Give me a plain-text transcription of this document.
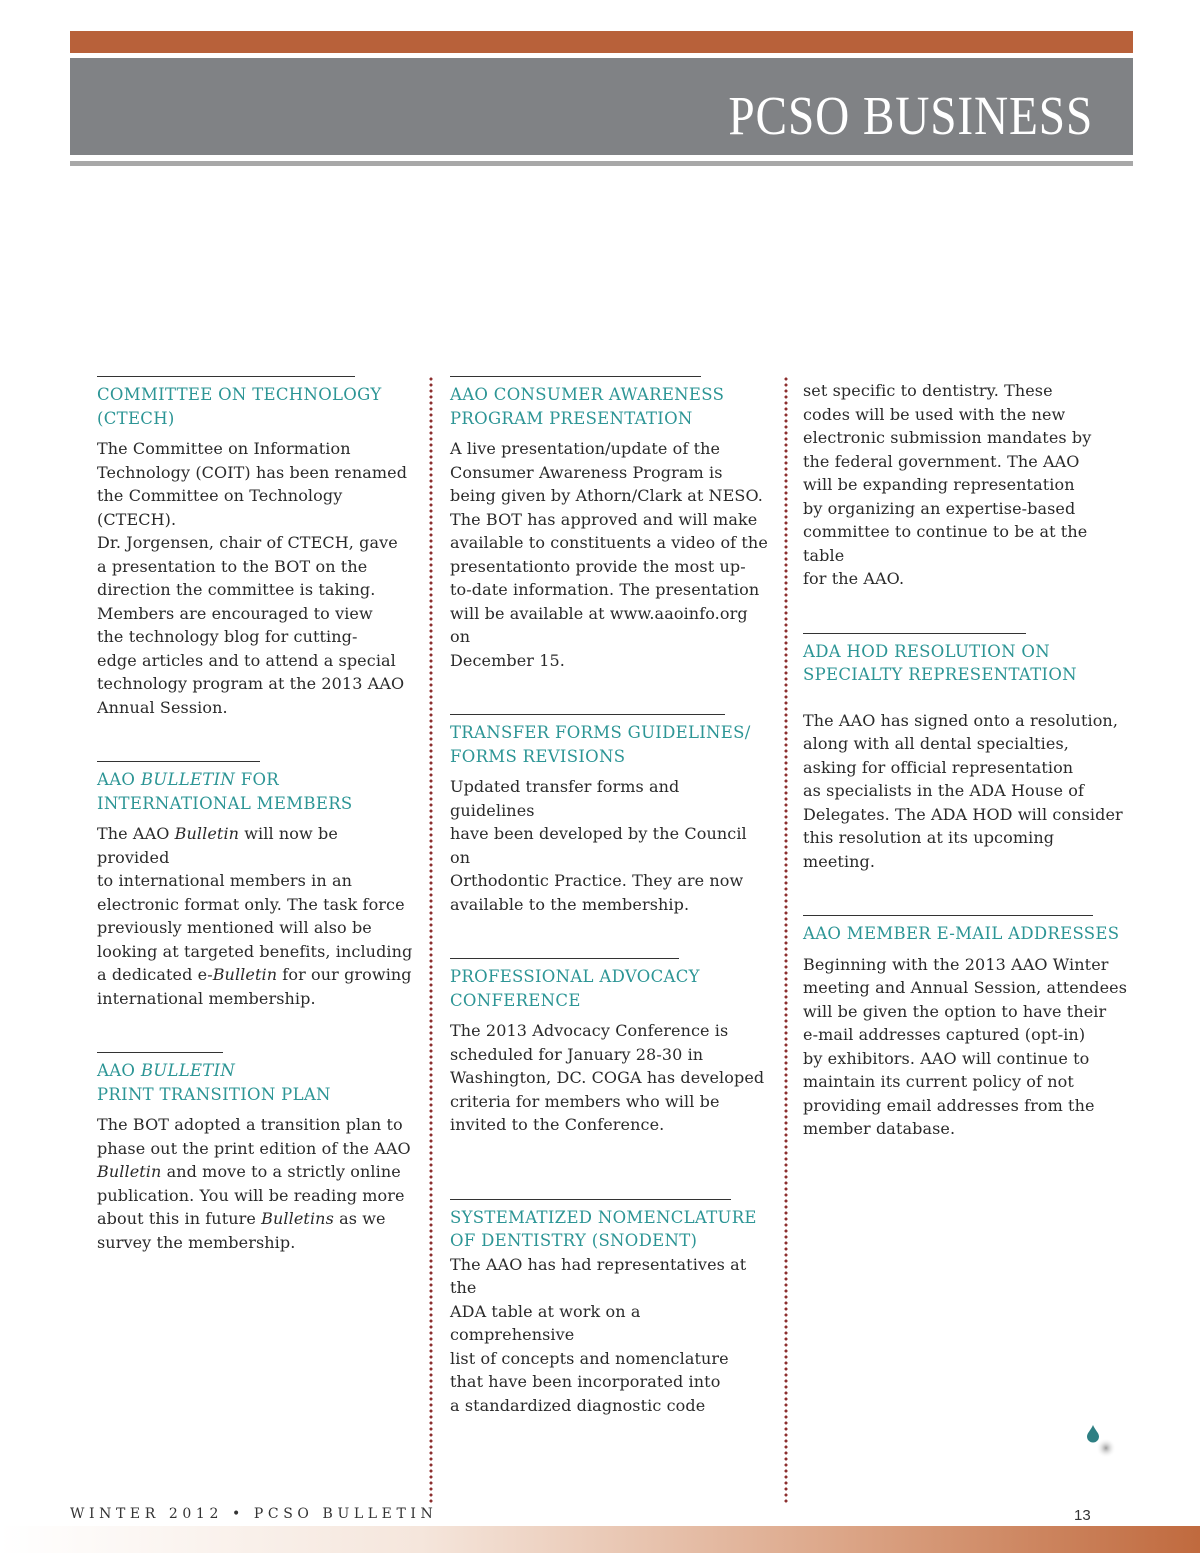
PCSO BUSINESS
COMMITTEE ON TECHNOLOGY
(CTECH)

The Committee on Information
Technology (COIT) has been renamed
the Committee on Technology (CTECH).
Dr. Jorgensen, chair of CTECH, gave
a presentation to the BOT on the
direction the committee is taking.
Members are encouraged to view
the technology blog for cutting-
edge articles and to attend a special
technology program at the 2013 AAO
Annual Session.

AAO BULLETIN FOR
INTERNATIONAL MEMBERS

The AAO Bulletin will now be provided
to international members in an
electronic format only. The task force
previously mentioned will also be
looking at targeted benefits, including
a dedicated e-Bulletin for our growing
international membership.

AAO BULLETIN
PRINT TRANSITION PLAN

The BOT adopted a transition plan to
phase out the print edition of the AAO
Bulletin and move to a strictly online
publication. You will be reading more
about this in future Bulletins as we
survey the membership.

AAO CONSUMER AWARENESS
PROGRAM PRESENTATION

A live presentation/update of the
Consumer Awareness Program is
being given by Athorn/Clark at NESO.
The BOT has approved and will make
available to constituents a video of the
presentationto provide the most up-
to-date information. The presentation
will be available at www.aaoinfo.org on
December 15.

TRANSFER FORMS GUIDELINES/
FORMS REVISIONS

Updated transfer forms and guidelines
have been developed by the Council on
Orthodontic Practice. They are now
available to the membership.

PROFESSIONAL ADVOCACY
CONFERENCE

The 2013 Advocacy Conference is
scheduled for January 28-30 in
Washington, DC. COGA has developed
criteria for members who will be
invited to the Conference.

SYSTEMATIZED NOMENCLATURE
OF DENTISTRY (SNODENT)

The AAO has had representatives at the
ADA table at work on a comprehensive
list of concepts and nomenclature
that have been incorporated into
a standardized diagnostic code

set specific to dentistry. These
codes will be used with the new
electronic submission mandates by
the federal government. The AAO
will be expanding representation
by organizing an expertise-based
committee to continue to be at the table
for the AAO.

ADA HOD RESOLUTION ON
SPECIALTY REPRESENTATION

The AAO has signed onto a resolution,
along with all dental specialties,
asking for official representation
as specialists in the ADA House of
Delegates. The ADA HOD will consider
this resolution at its upcoming
meeting.

AAO MEMBER E-MAIL ADDRESSES

Beginning with the 2013 AAO Winter
meeting and Annual Session, attendees
will be given the option to have their
e-mail addresses captured (opt-in)
by exhibitors. AAO will continue to
maintain its current policy of not
providing email addresses from the
member database.

WINTER 2012 • PCSO BULLETIN	13
